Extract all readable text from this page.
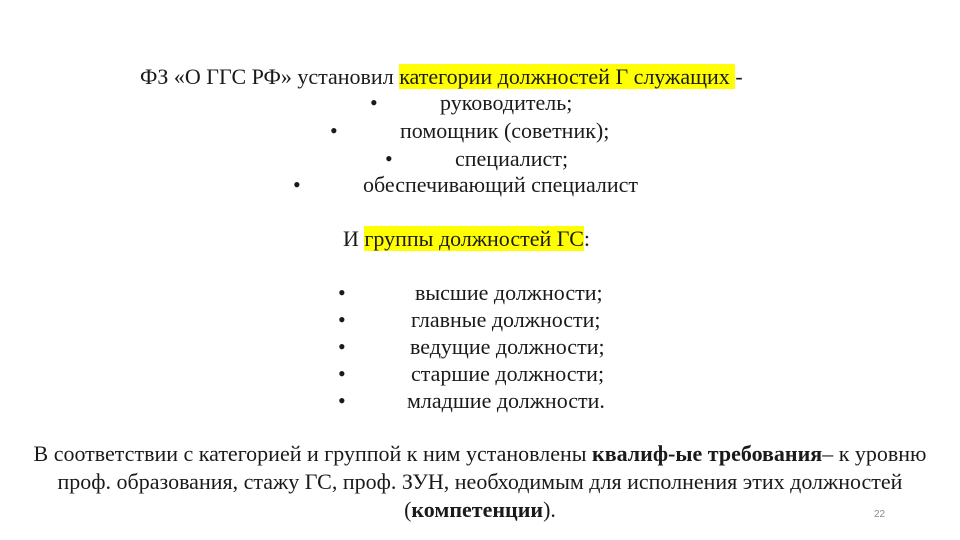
ФЗ «О ГГС РФ» установил категории должностей Г служащих -
•	руководитель;
•	помощник (советник);
•	специалист;
•	обеспечивающий специалист
И группы должностей ГС:
•	высшие должности;
•	главные должности;
•	ведущие должности;
•	старшие должности;
•	младшие должности.
В соответствии с категорией и группой к ним установлены квалиф-ые требования– к уровню проф. образования, стажу ГС, проф. ЗУН, необходимым для исполнения этих должностей (компетенции).	22
